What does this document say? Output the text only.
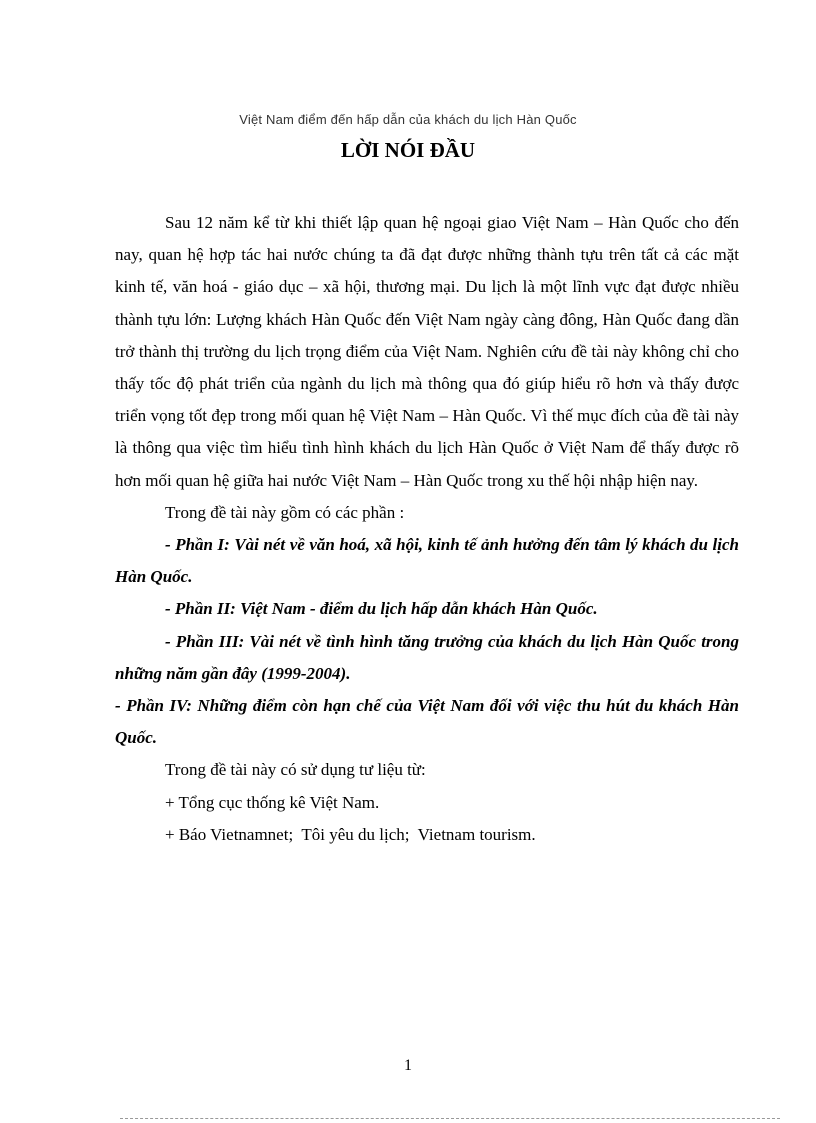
Việt Nam điểm đến hấp dẫn của khách du lịch Hàn Quốc
LỜI NÓI ĐẦU

Sau 12 năm kể từ khi thiết lập quan hệ ngoại giao Việt Nam – Hàn Quốc cho đến nay, quan hệ hợp tác hai nước chúng ta đã đạt được những thành tựu trên tất cả các mặt kinh tế, văn hoá - giáo dục – xã hội, thương mại. Du lịch là một lĩnh vực đạt được nhiều thành tựu lớn: Lượng khách Hàn Quốc đến Việt Nam ngày càng đông, Hàn Quốc đang dần trở thành thị trường du lịch trọng điểm của Việt Nam. Nghiên cứu đề tài này không chỉ cho thấy tốc độ phát triển của ngành du lịch mà thông qua đó giúp hiểu rõ hơn và thấy được triển vọng tốt đẹp trong mối quan hệ Việt Nam – Hàn Quốc. Vì thế mục đích của đề tài này là thông qua việc tìm hiểu tình hình khách du lịch Hàn Quốc ở Việt Nam để thấy được rõ hơn mối quan hệ giữa hai nước Việt Nam – Hàn Quốc trong xu thế hội nhập hiện nay.

Trong đề tài này gồm có các phần :

- Phần I: Vài nét về văn hoá, xã hội, kinh tế ảnh hưởng đến tâm lý khách du lịch Hàn Quốc.

- Phần II: Việt Nam - điểm du lịch hấp dẫn khách Hàn Quốc.

- Phần III: Vài nét về tình hình tăng trưởng của khách du lịch Hàn Quốc trong những năm gần đây (1999-2004).

- Phần IV: Những điểm còn hạn chế của Việt Nam đối với việc thu hút du khách Hàn Quốc.

Trong đề tài này có sử dụng tư liệu từ:

+ Tổng cục thống kê Việt Nam.

+ Báo Vietnamnet;  Tôi yêu du lịch;  Vietnam tourism.

1
